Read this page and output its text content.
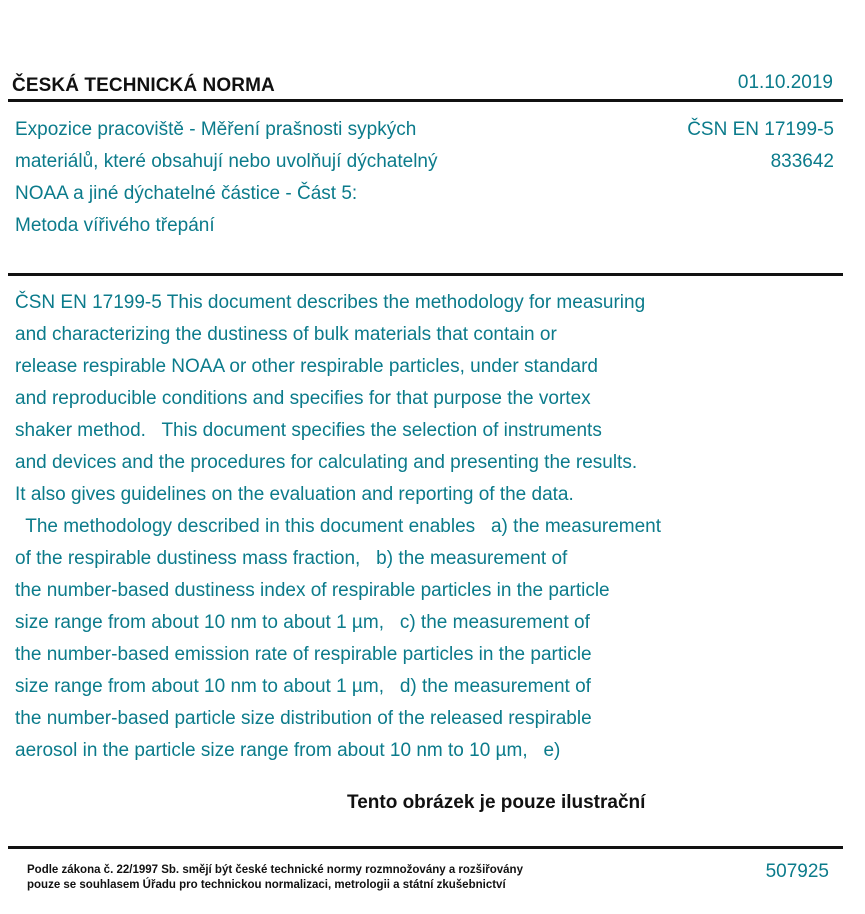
ČESKÁ TECHNICKÁ NORMA	01.10.2019
Expozice pracoviště - Měření prašnosti sypkých
materiálů, které obsahují nebo uvolňují dýchatelný
NOAA a jiné dýchatelné částice - Část 5:
Metoda vířivého třepání
ČSN EN 17199-5
833642
ČSN EN 17199-5 This document describes the methodology for measuring
and characterizing the dustiness of bulk materials that contain or
release respirable NOAA or other respirable particles, under standard
and reproducible conditions and specifies for that purpose the vortex
shaker method.   This document specifies the selection of instruments
and devices and the procedures for calculating and presenting the results.
It also gives guidelines on the evaluation and reporting of the data.
The methodology described in this document enables   a) the measurement
of the respirable dustiness mass fraction,   b) the measurement of
the number-based dustiness index of respirable particles in the particle
size range from about 10 nm to about 1 µm,   c) the measurement of
the number-based emission rate of respirable particles in the particle
size range from about 10 nm to about 1 µm,   d) the measurement of
the number-based particle size distribution of the released respirable
aerosol in the particle size range from about 10 nm to 10 µm,   e)
Tento obrázek je pouze ilustrační
Podle zákona č. 22/1997 Sb. smějí být české technické normy rozmnožovány a rozšiřovány
pouze se souhlasem Úřadu pro technickou normalizaci, metrologii a státní zkušebnictví
507925
